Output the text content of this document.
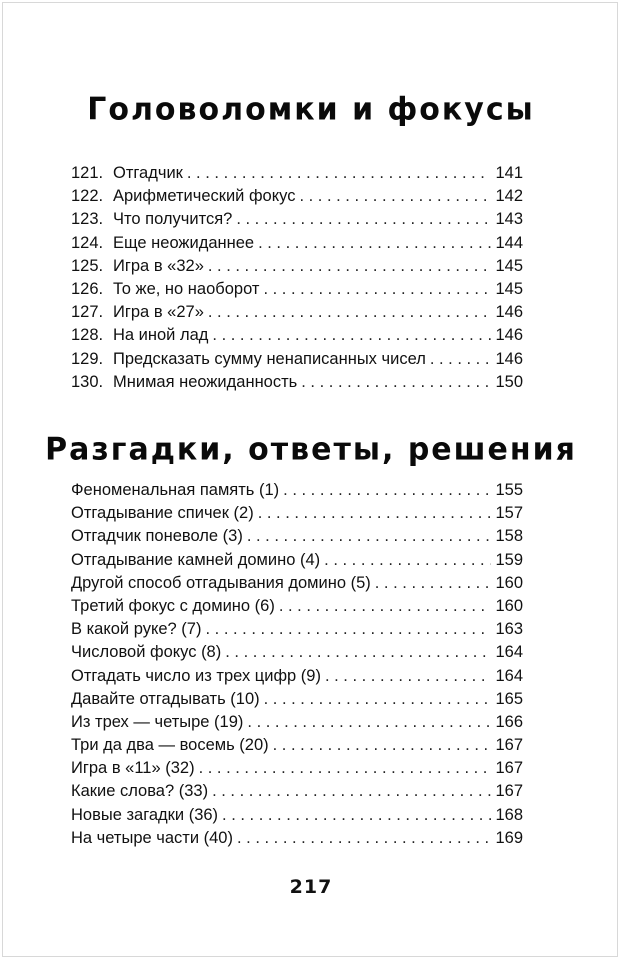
Головоломки и фокусы
121. Отгадчик . . .	141
122. Арифметический фокус . . .	142
123. Что получится? . . .	143
124. Еще неожиданнее . . .	144
125. Игра в «32» . . .	145
126. То же, но наоборот . . .	145
127. Игра в «27» . . .	146
128. На иной лад . . .	146
129. Предсказать сумму ненаписанных чисел . . .	146
130. Мнимая неожиданность . . .	150
Разгадки, ответы, решения
Феноменальная память (1) . . .	155
Отгадывание спичек (2) . . .	157
Отгадчик поневоле (3) . . .	158
Отгадывание камней домино (4) . . .	159
Другой способ отгадывания домино (5) . . .	160
Третий фокус с домино (6) . . .	160
В какой руке? (7) . . .	163
Числовой фокус (8) . . .	164
Отгадать число из трех цифр (9) . . .	164
Давайте отгадывать (10) . . .	165
Из трех — четыре (19) . . .	166
Три да два — восемь (20) . . .	167
Игра в «11» (32) . . .	167
Какие слова? (33) . . .	167
Новые загадки (36) . . .	168
На четыре части (40) . . .	169
217
